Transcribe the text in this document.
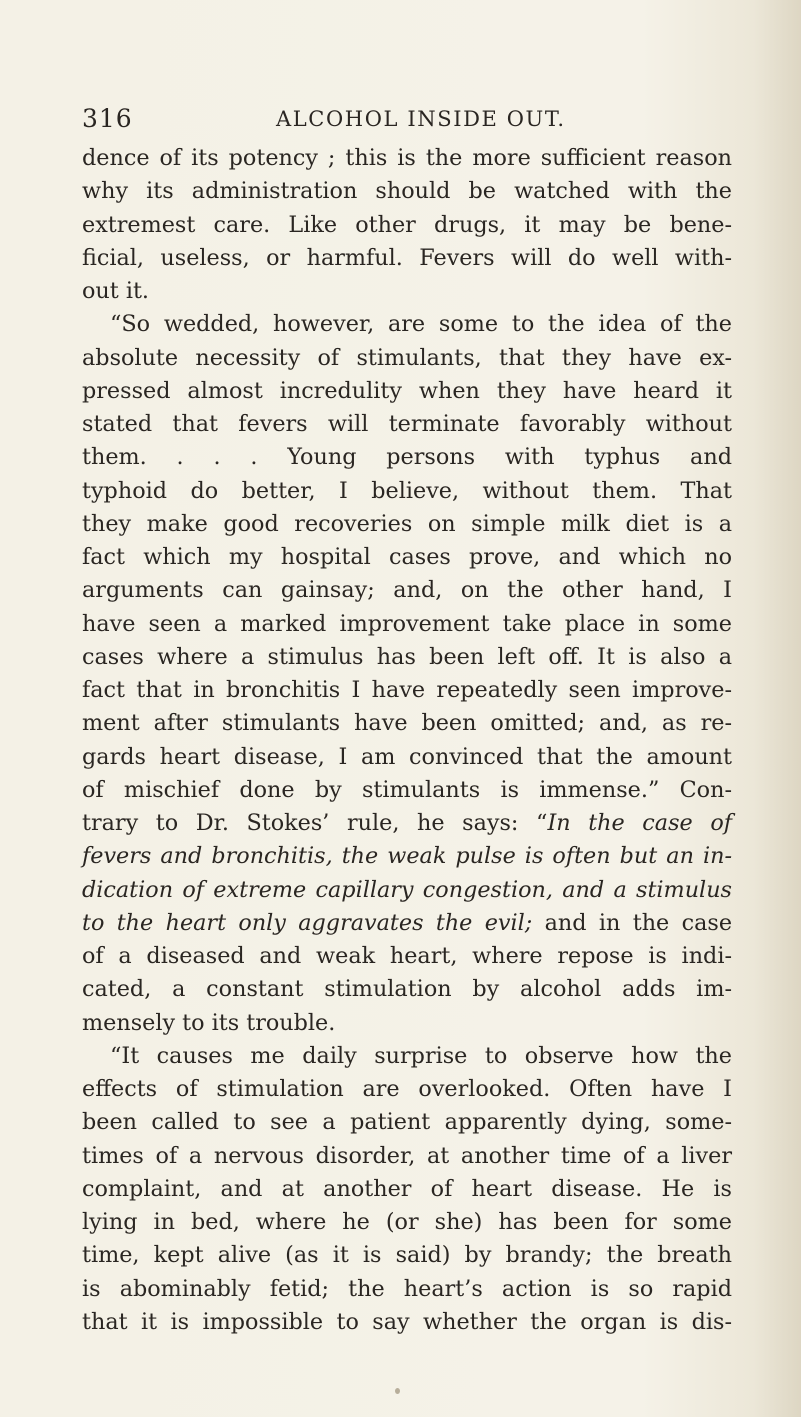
316	ALCOHOL INSIDE OUT.
dence of its potency ; this is the more sufficient reason
why its administration should be watched with the
extremest care. Like other drugs, it may be bene-
ficial, useless, or harmful. Fevers will do well with-
out it.
“So wedded, however, are some to the idea of the
absolute necessity of stimulants, that they have ex-
pressed almost incredulity when they have heard it
stated that fevers will terminate favorably without
them. . . . Young persons with typhus and
typhoid do better, I believe, without them. That
they make good recoveries on simple milk diet is a
fact which my hospital cases prove, and which no
arguments can gainsay; and, on the other hand, I
have seen a marked improvement take place in some
cases where a stimulus has been left off. It is also a
fact that in bronchitis I have repeatedly seen improve-
ment after stimulants have been omitted; and, as re-
gards heart disease, I am convinced that the amount
of mischief done by stimulants is immense.” Con-
trary to Dr. Stokes’ rule, he says: “In the case of
fevers and bronchitis, the weak pulse is often but an in-
dication of extreme capillary congestion, and a stimulus
to the heart only aggravates the evil; and in the case
of a diseased and weak heart, where repose is indi-
cated, a constant stimulation by alcohol adds im-
mensely to its trouble.
“It causes me daily surprise to observe how the
effects of stimulation are overlooked. Often have I
been called to see a patient apparently dying, some-
times of a nervous disorder, at another time of a liver
complaint, and at another of heart disease. He is
lying in bed, where he (or she) has been for some
time, kept alive (as it is said) by brandy; the breath
is abominably fetid; the heart’s action is so rapid
that it is impossible to say whether the organ is dis-
